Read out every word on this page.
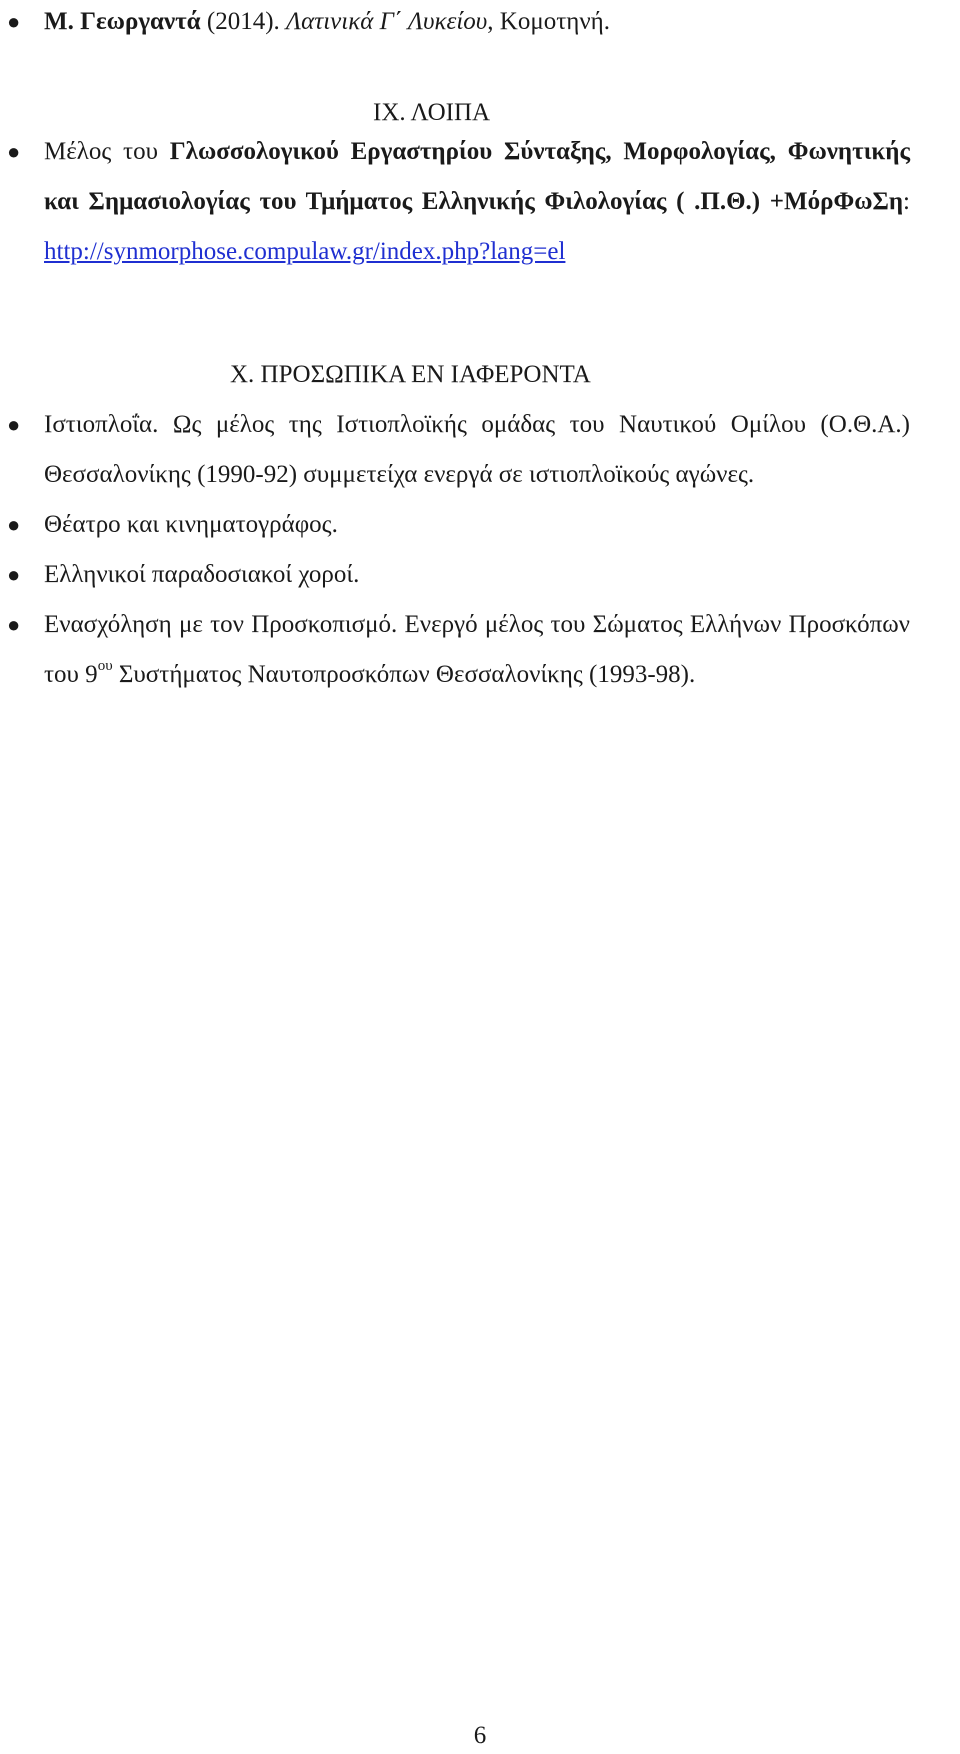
● Μ. Γεωργαντά (2014). Λατινικά Γ΄ Λυκείου, Κομοτηνή.
ΙΧ. ΛΟΙΠΑ
● Μέλος του Γλωσσολογικού Εργαστηρίου Σύνταξης, Μορφολογίας, Φωνητικής και Σημασιολογίας του Τμήματος Ελληνικής Φιλολογίας ( .Π.Θ.) +ΜόρΦωΣη: http://synmorphose.compulaw.gr/index.php?lang=el
Χ. ΠΡΟΣΩΠΙΚΑ ΕΝ ΙΑΦΕΡΟΝΤΑ
● Ιστιοπλοΐα. Ως μέλος της Ιστιοπλοϊκής ομάδας του Ναυτικού Ομίλου (Ο.Θ.Α.) Θεσσαλονίκης (1990-92) συμμετείχα ενεργά σε ιστιοπλοϊκούς αγώνες.
● Θέατρο και κινηματογράφος.
● Ελληνικοί παραδοσιακοί χοροί.
● Ενασχόληση με τον Προσκοπισμό. Ενεργό μέλος του Σώματος Ελλήνων Προσκόπων του $9^{o\upsilon}$ Συστήματος Ναυτοπροσκόπων Θεσσαλονίκης (1993-98).
6
